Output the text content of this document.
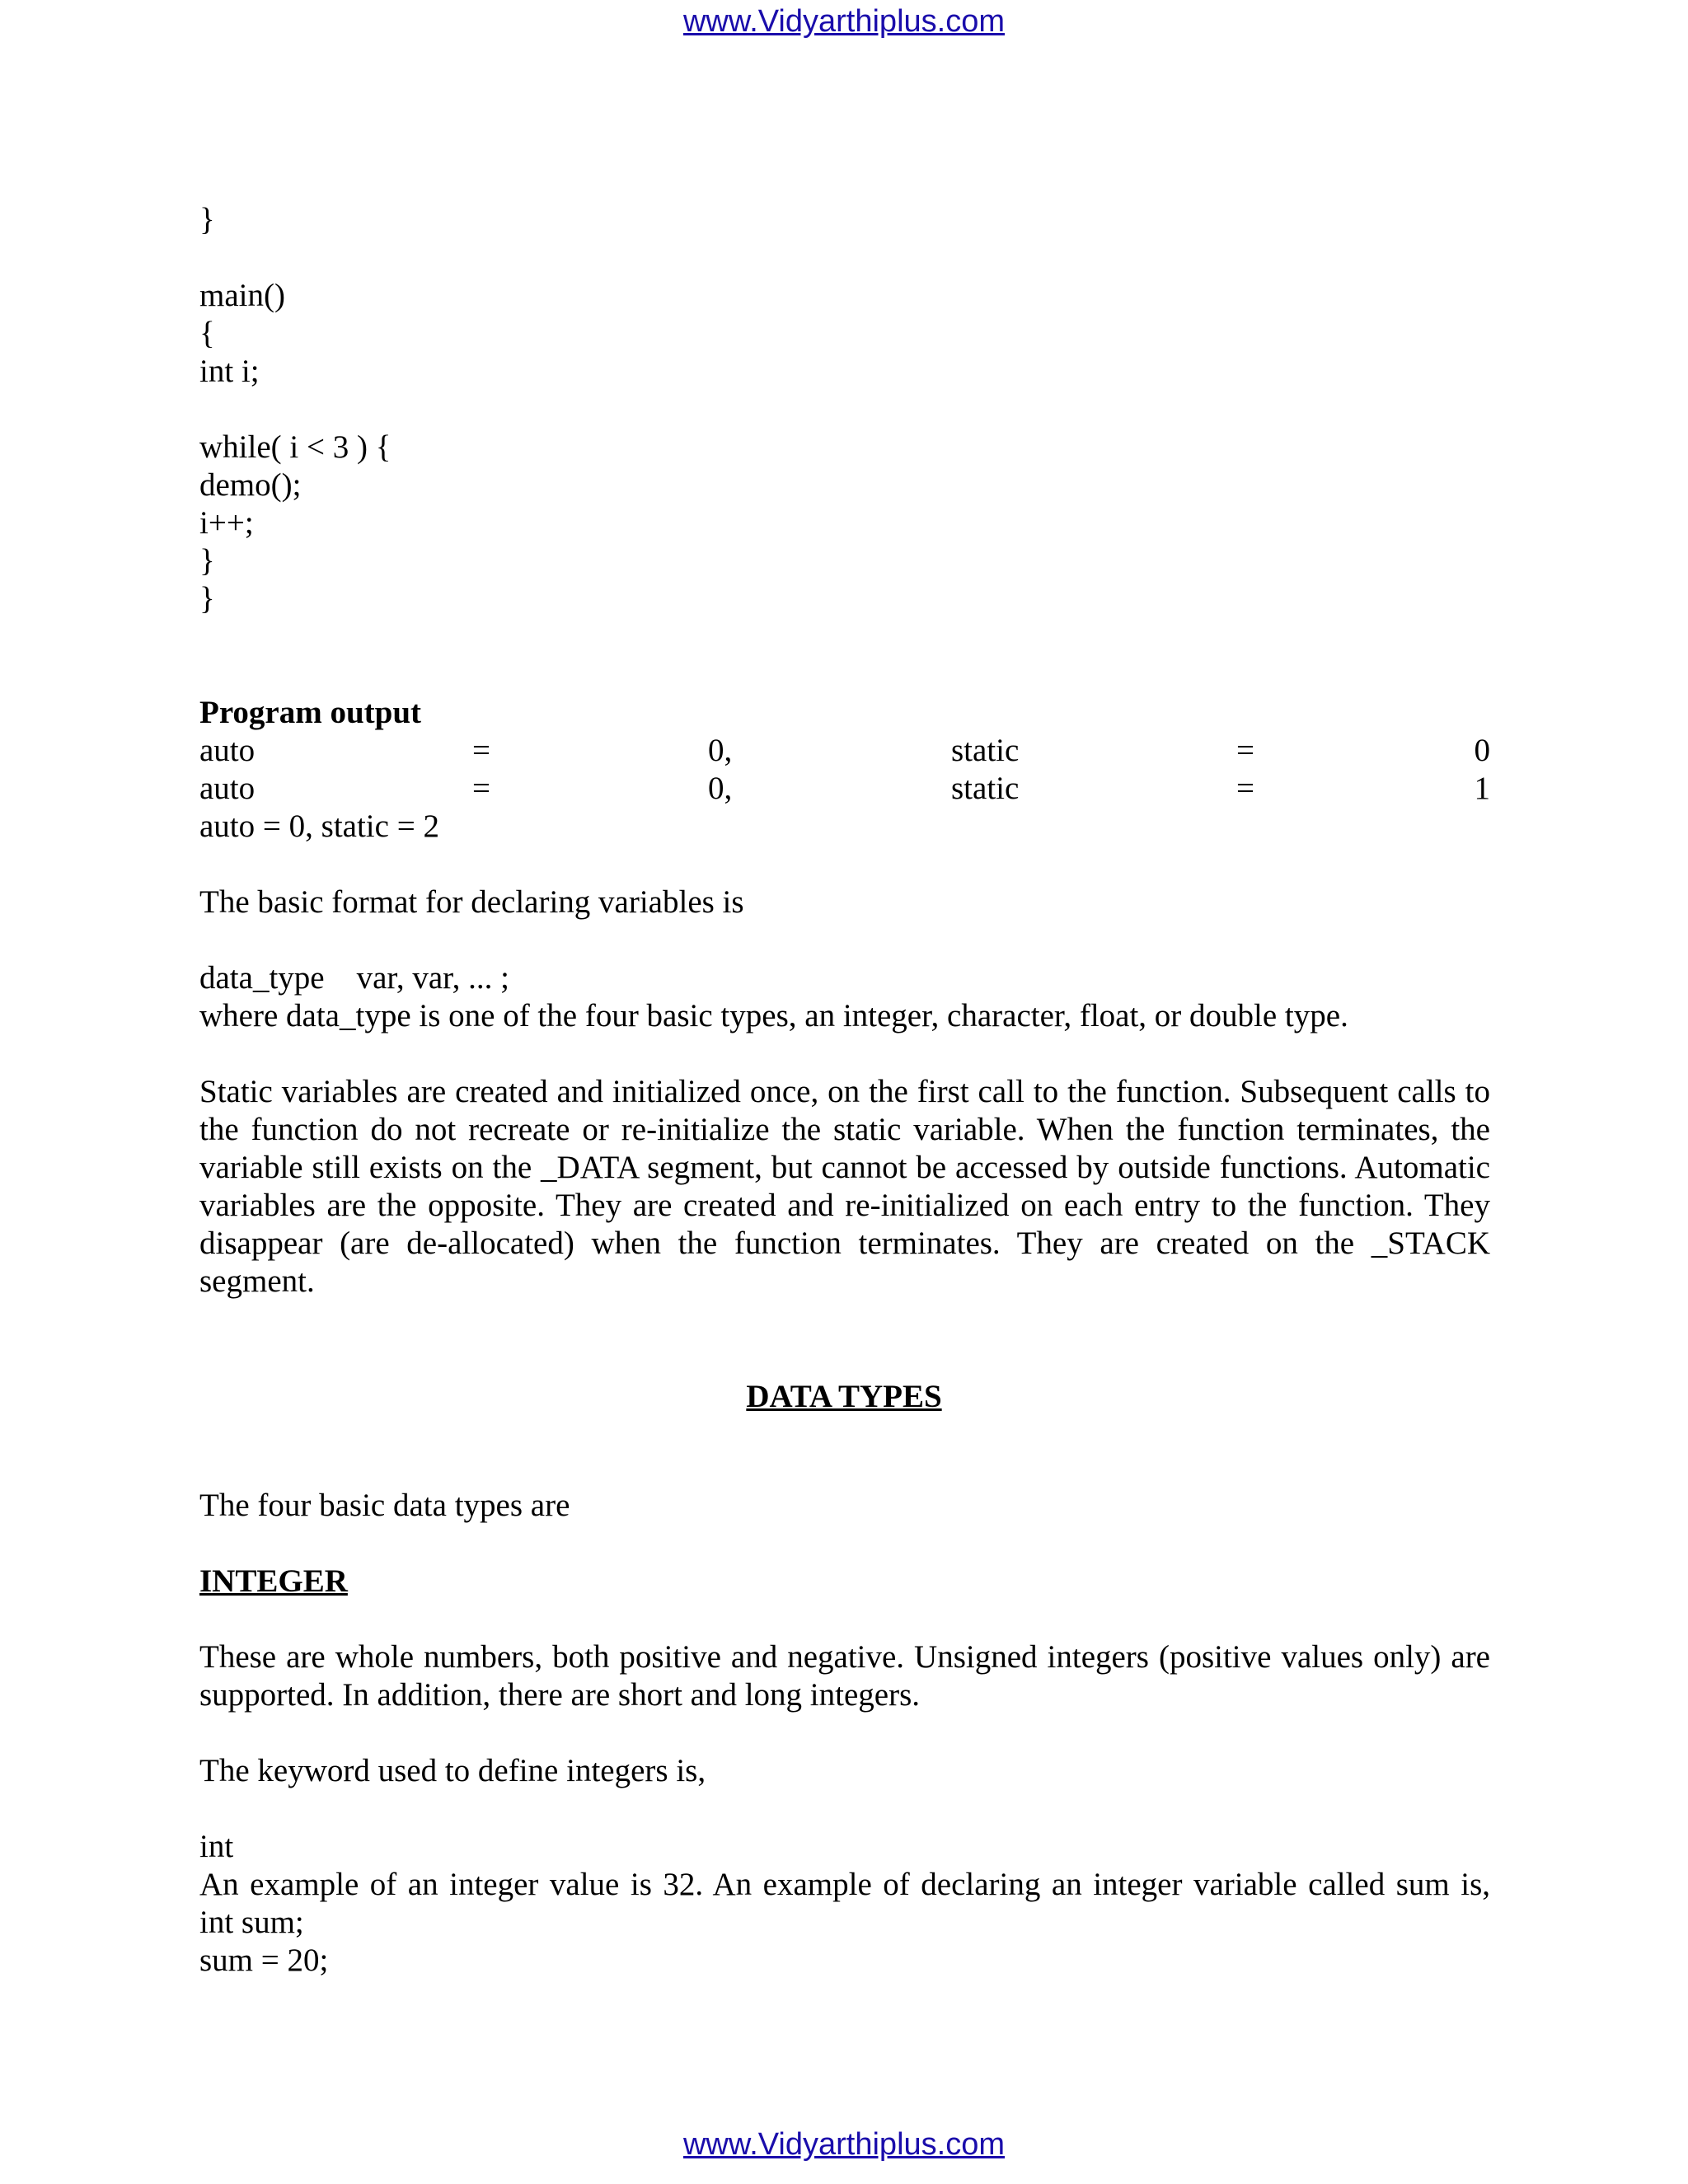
www.Vidyarthiplus.com
}
main()
{
int i;
while( i < 3 ) {
demo();
i++;
}
}
Program output
auto	=	0,	static	=	0
auto	=	0,	static	=	1
auto = 0, static = 2
The basic format for declaring variables is
data_type    var, var, ... ;
where data_type is one of the four basic types, an integer, character, float, or double type.
Static variables are created and initialized once, on the first call to the function. Subsequent calls to the function do not recreate or re-initialize the static variable. When the function terminates, the variable still exists on the _DATA segment, but cannot be accessed by outside functions. Automatic variables are the opposite. They are created and re-initialized on each entry to the function. They disappear (are de-allocated) when the function terminates. They are created on the _STACK segment.
DATA TYPES
The four basic data types are
INTEGER
These are whole numbers, both positive and negative. Unsigned integers (positive values only) are supported. In addition, there are short and long integers.
The keyword used to define integers is,
int
An example of an integer value is 32. An example of declaring an integer variable called sum is,
int sum;
sum = 20;
www.Vidyarthiplus.com
